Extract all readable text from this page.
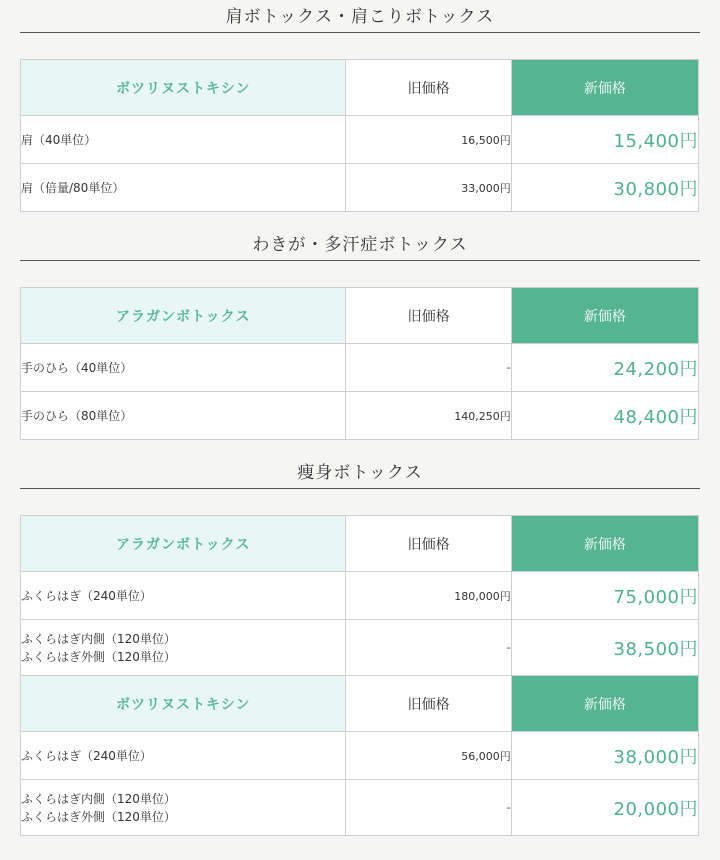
肩ボトックス・肩こりボトックス
ボツリヌストキシン	旧価格	新価格

肩（40単位）	16,500円	15,400円

肩（倍量/80単位）	33,000円	30,800円
わきが・多汗症ボトックス
アラガンボトックス	旧価格	新価格

手のひら（40単位）	-	24,200円

手のひら（80単位）	140,250円	48,400円
痩身ボトックス
アラガンボトックス	旧価格	新価格

ふくらはぎ（240単位）	180,000円	75,000円

ふくらはぎ内側（120単位）
ふくらはぎ外側（120単位）	-	38,500円
ボツリヌストキシン	旧価格	新価格

ふくらはぎ（240単位）	56,000円	38,000円

ふくらはぎ内側（120単位）
ふくらはぎ外側（120単位）	-	20,000円
